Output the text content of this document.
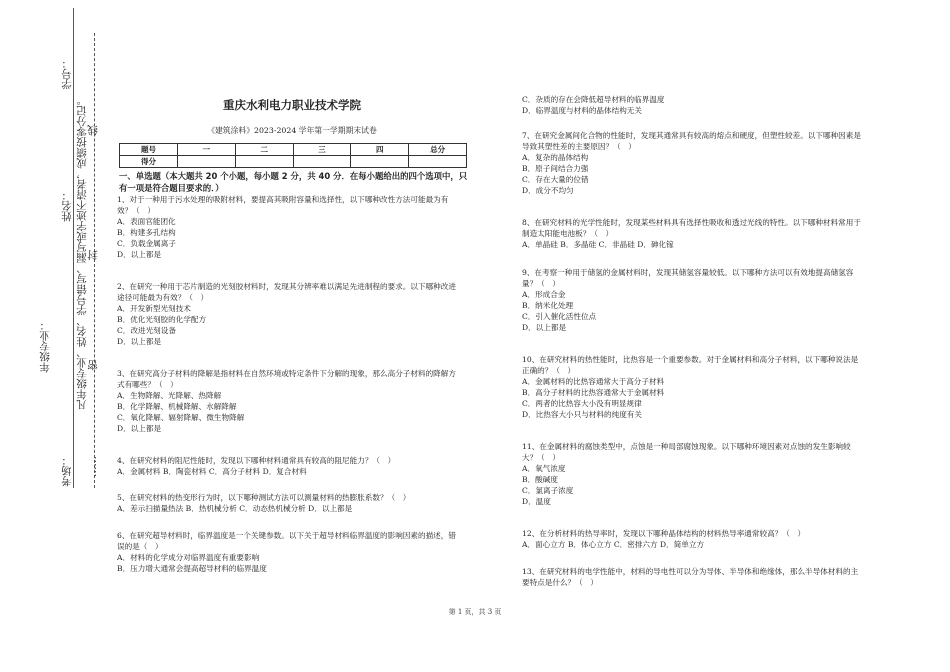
学号：
线
姓名：
封
年级专业：	密
考场： ……
凡年级专业、姓名、学号错写、漏写或字迹不清者，成绩按零分记。	重庆水利电力职业技术学院
《建筑涂料》2023-2024 学年第一学期期末试卷
题号	一	二	三	四	总分
得分					
一、单选题（本大题共 20 个小题，每小题 2 分，共 40 分．在每小题给出的四个选项中，只有一项是符合题目要求的．）

1、对于一种用于污水处理的吸附材料，要提高其吸附容量和选择性，以下哪种改性方法可能最为有效？（　）

A．表面官能团化

B．构建多孔结构

C．负载金属离子

D．以上都是

2、在研究一种用于芯片制造的光刻胶材料时，发现其分辨率难以满足先进制程的要求。以下哪种改进途径可能最为有效？（　）

A．开发新型光刻技术

B．优化光刻胶的化学配方

C．改进光刻设备

D．以上都是

3、在研究高分子材料的降解是指材料在自然环境或特定条件下分解的现象，那么高分子材料的降解方式有哪些？（　）

A．生物降解、光降解、热降解

B．化学降解、机械降解、水解降解

C．氧化降解、辐射降解、微生物降解

D．以上都是

4、在研究材料的阻尼性能时，发现以下哪种材料通常具有较高的阻尼能力？（　）

A．金属材料 B．陶瓷材料 C．高分子材料 D．复合材料

5、在研究材料的热变形行为时，以下哪种测试方法可以测量材料的热膨胀系数？（　）

A．差示扫描量热法 B．热机械分析 C．动态热机械分析 D．以上都是

6、在研究超导材料时，临界温度是一个关键参数。以下关于超导材料临界温度的影响因素的描述，错误的是（　）

A．材料的化学成分对临界温度有重要影响

B．压力增大通常会提高超导材料的临界温度

C．杂质的存在会降低超导材料的临界温度

D．临界温度与材料的晶体结构无关

7、在研究金属间化合物的性能时，发现其通常具有较高的熔点和硬度，但塑性较差。以下哪种因素是导致其塑性差的主要原因？（　）

A．复杂的晶体结构

B．原子间结合力强

C．存在大量的位错

D．成分不均匀

8、在研究材料的光学性能时，发现某些材料具有选择性吸收和透过光线的特性。以下哪种材料常用于制造太阳能电池板？（　）

A．单晶硅 B．多晶硅 C．非晶硅 D．砷化镓

9、在考察一种用于储氢的金属材料时，发现其储氢容量较低。以下哪种方法可以有效地提高储氢容量？（　）

A．形成合金

B．纳米化处理

C．引入催化活性位点

D．以上都是

10、在研究材料的热性能时，比热容是一个重要参数。对于金属材料和高分子材料，以下哪种说法是正确的？（　）

A．金属材料的比热容通常大于高分子材料

B．高分子材料的比热容通常大于金属材料

C．两者的比热容大小没有明显规律

D．比热容大小只与材料的纯度有关

11、在金属材料的腐蚀类型中，点蚀是一种局部腐蚀现象。以下哪种环境因素对点蚀的发生影响较大？（　）

A．氧气浓度

B．酸碱度

C．氯离子浓度

D．温度

12、在分析材料的热导率时，发现以下哪种晶体结构的材料热导率通常较高？（　）

A．面心立方 B．体心立方 C．密排六方 D．简单立方

13、在研究材料的电学性能中，材料的导电性可以分为导体、半导体和绝缘体，那么半导体材料的主要特点是什么？（　）

第 1 页，共 3 页
